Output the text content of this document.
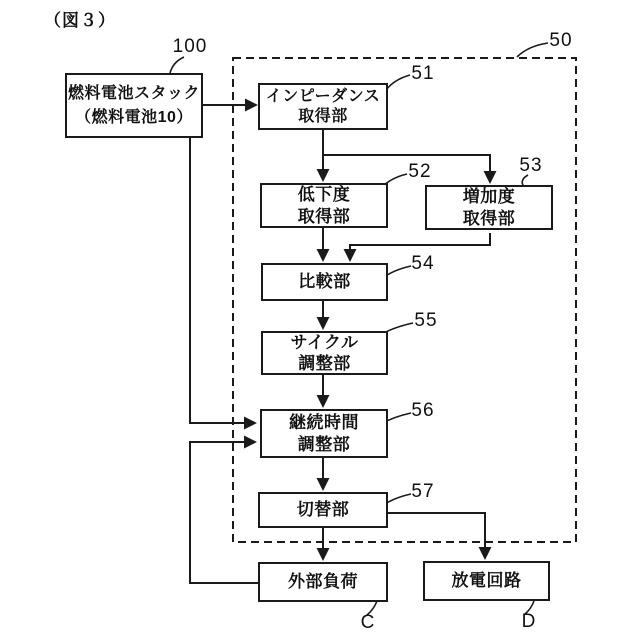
（図３）
燃料電池スタック
（燃料電池10）
インピーダンス
取得部
低下度
取得部
増加度
取得部
比較部
サイクル
調整部
継続時間
調整部
切替部
外部負荷	放電回路
100	50
51
52	53
54
55
56
57
C	D
